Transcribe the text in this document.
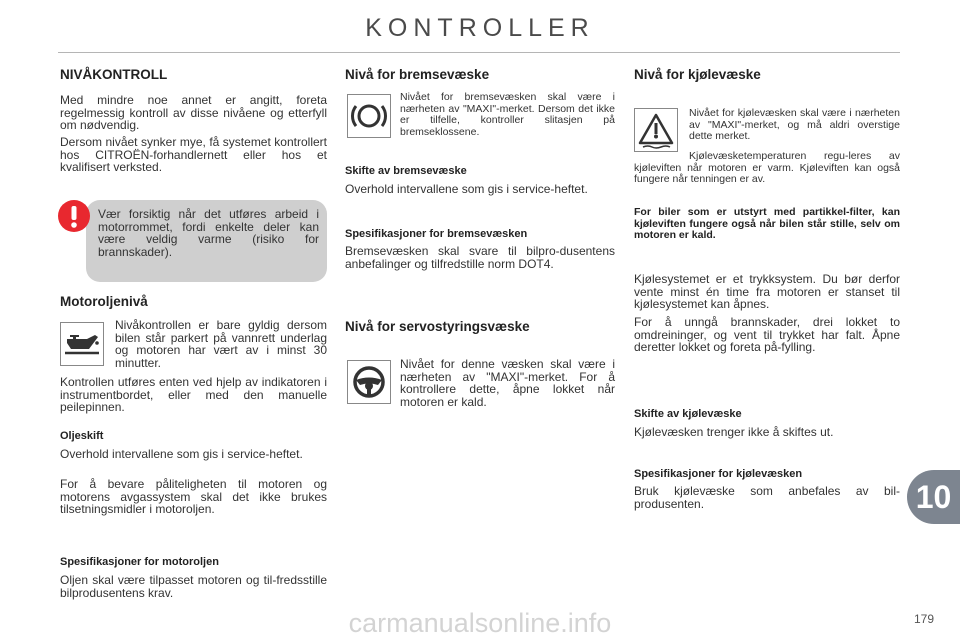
KONTROLLER
NIVÅKONTROLL

Med mindre noe annet er angitt, foreta regelmessig kontroll av disse nivåene og etterfyll om nødvendig.

Dersom nivået synker mye, få systemet kontrollert hos CITROËN-forhandlernett eller hos et kvalifisert verksted.

Vær forsiktig når det utføres arbeid i motorrommet, fordi enkelte deler kan være veldig varme (risiko for brannskader).
Motoroljenivå

Nivåkontrollen er bare gyldig dersom bilen står parkert på vannrett underlag og motoren har vært av i minst 30 minutter.

Kontrollen utføres enten ved hjelp av indikatoren i instrumentbordet, eller med den manuelle peilepinnen.

Oljeskift

Overhold intervallene som gis i service-heftet.

For å bevare påliteligheten til motoren og motorens avgassystem skal det ikke brukes tilsetningsmidler i motoroljen.

Spesifikasjoner for motoroljen

Oljen skal være tilpasset motoren og til-fredsstille bilprodusentens krav.

Nivå for bremsevæske

Nivået for bremsevæsken skal være i nærheten av "MAXI"-merket. Dersom det ikke er tilfelle, kontroller slitasjen på bremseklossene.

Skifte av bremsevæske

Overhold intervallene som gis i service-heftet.

Spesifikasjoner for bremsevæsken

Bremsevæsken skal svare til bilpro-dusentens anbefalinger og tilfredstille norm DOT4.

Nivå for servostyringsvæske

Nivået for denne væsken skal være i nærheten av "MAXI"-merket. For å kontrollere dette, åpne lokket når motoren er kald.

Nivå for kjølevæske

Nivået for kjølevæsken skal være i nærheten av "MAXI"-merket, og må aldri overstige dette merket.

Kjølevæsketemperaturen regu-leres av kjøleviften når motoren er varm. Kjøleviften kan også fungere når tenningen er av.

For biler som er utstyrt med partikkel-filter, kan kjøleviften fungere også når bilen står stille, selv om motoren er kald.

Kjølesystemet er et trykksystem. Du bør derfor vente minst én time fra motoren er stanset til kjølesystemet kan åpnes.

For å unngå brannskader, drei lokket to omdreininger, og vent til trykket har falt. Åpne deretter lokket og foreta på-fylling.

Skifte av kjølevæske

Kjølevæsken trenger ikke å skiftes ut.

Spesifikasjoner for kjølevæsken

Bruk kjølevæske som anbefales av bil-produsenten.	10
179
carmanualsonline.info
